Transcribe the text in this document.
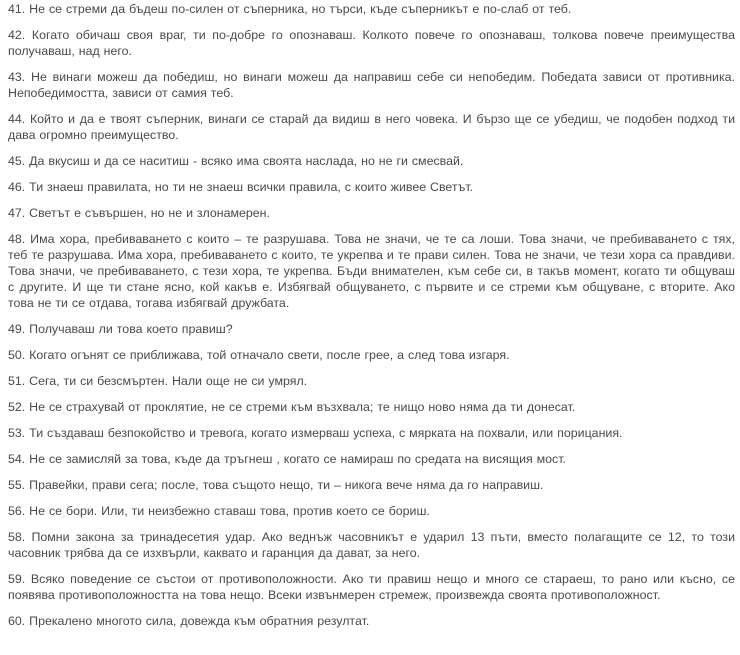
41. Не се стреми да бъдеш по-силен от съперника, но търси, къде съперникът е по-слаб от теб.

42. Когато обичаш своя враг, ти по-добре го опознаваш. Колкото повече го опознаваш, толкова повече преимущества получаваш, над него.

43. Не винаги можеш да победиш, но винаги можеш да направиш себе си непобедим. Победата зависи от противника. Непобедимостта, зависи от самия теб.

44. Който и да е твоят съперник, винаги се старай да видиш в него човека. И бързо ще се убедиш, че подобен подход ти дава огромно преимущество.

45. Да вкусиш и да се наситиш - всяко има своята наслада, но не ги смесвай.

46. Ти знаеш правилата, но ти не знаеш всички правила, с които живее Светът.

47. Светът е съвършен, но не и злонамерен.

48. Има хора, пребиваването с които – те разрушава. Това не значи, че те са лоши. Това значи, че пребиваването с тях, теб те разрушава. Има хора, пребиваването с които, те укрепва и те прави силен. Това не значи, че тези хора са правдиви. Това значи, че пребиваването, с тези хора, те укрепва. Бъди внимателен, към себе си, в такъв момент, когато ти общуваш с другите. И ще ти стане ясно, кой какъв е. Избягвай общуването, с първите и се стреми към общуване, с вторите. Ако това не ти се отдава, тогава избягвай дружбата.

49. Получаваш ли това което правиш?

50. Когато огънят се приближава, той отначало свети, после грее, а след това изгаря.

51. Сега, ти си безсмъртен. Нали още не си умрял.

52. Не се страхувай от проклятие, не се стреми към възхвала; те нищо ново няма да ти донесат.

53. Ти създаваш безпокойство и тревога, когато измерваш успеха, с мярката на похвали, или порицания.

54. Не се замисляй за това, къде да тръгнеш , когато се намираш по средата на висящия мост.

55. Правейки, прави сега; после, това същото нещо, ти – никога вече няма да го направиш.

56. Не се бори. Или, ти неизбежно ставаш това, против което се бориш.

58. Помни закона за тринадесетия удар. Ако веднъж часовникът е ударил 13 пъти, вместо полагащите се 12, то този часовник трябва да се изхвърли, каквато и гаранция да дават, за него.

59. Всяко поведение се състои от противоположности. Ако ти правиш нещо и много се стараеш, то рано или късно, се появява противоположността на това нещо. Всеки извънмерен стремеж, произвежда своята противоположност.

60. Прекалено многото сила, довежда към обратния резултат.
